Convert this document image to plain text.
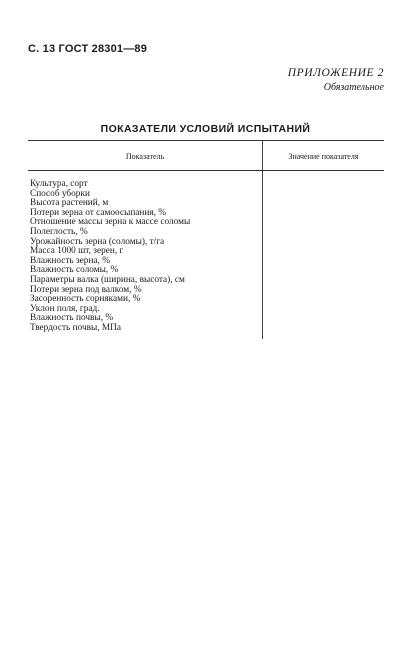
С. 13 ГОСТ 28301—89
ПРИЛОЖЕНИЕ 2
Обязательное
ПОКАЗАТЕЛИ УСЛОВИЙ ИСПЫТАНИЙ
Показатель	Значение показателя
Культура, сорт
Способ уборки
Высота растений, м
Потери зерна от самоосыпания, %
Отношение массы зерна к массе соломы
Полеглость, %
Урожайность зерна (соломы), т/га
Масса 1000 шт, зерен, г
Влажность зерна, %
Влажность соломы, %
Параметры валка (ширина, высота), см
Потери зерна под валком, %
Засоренность сорняками, %
Уклон поля, град.
Влажность почвы, %
Твердость почвы, МПа
